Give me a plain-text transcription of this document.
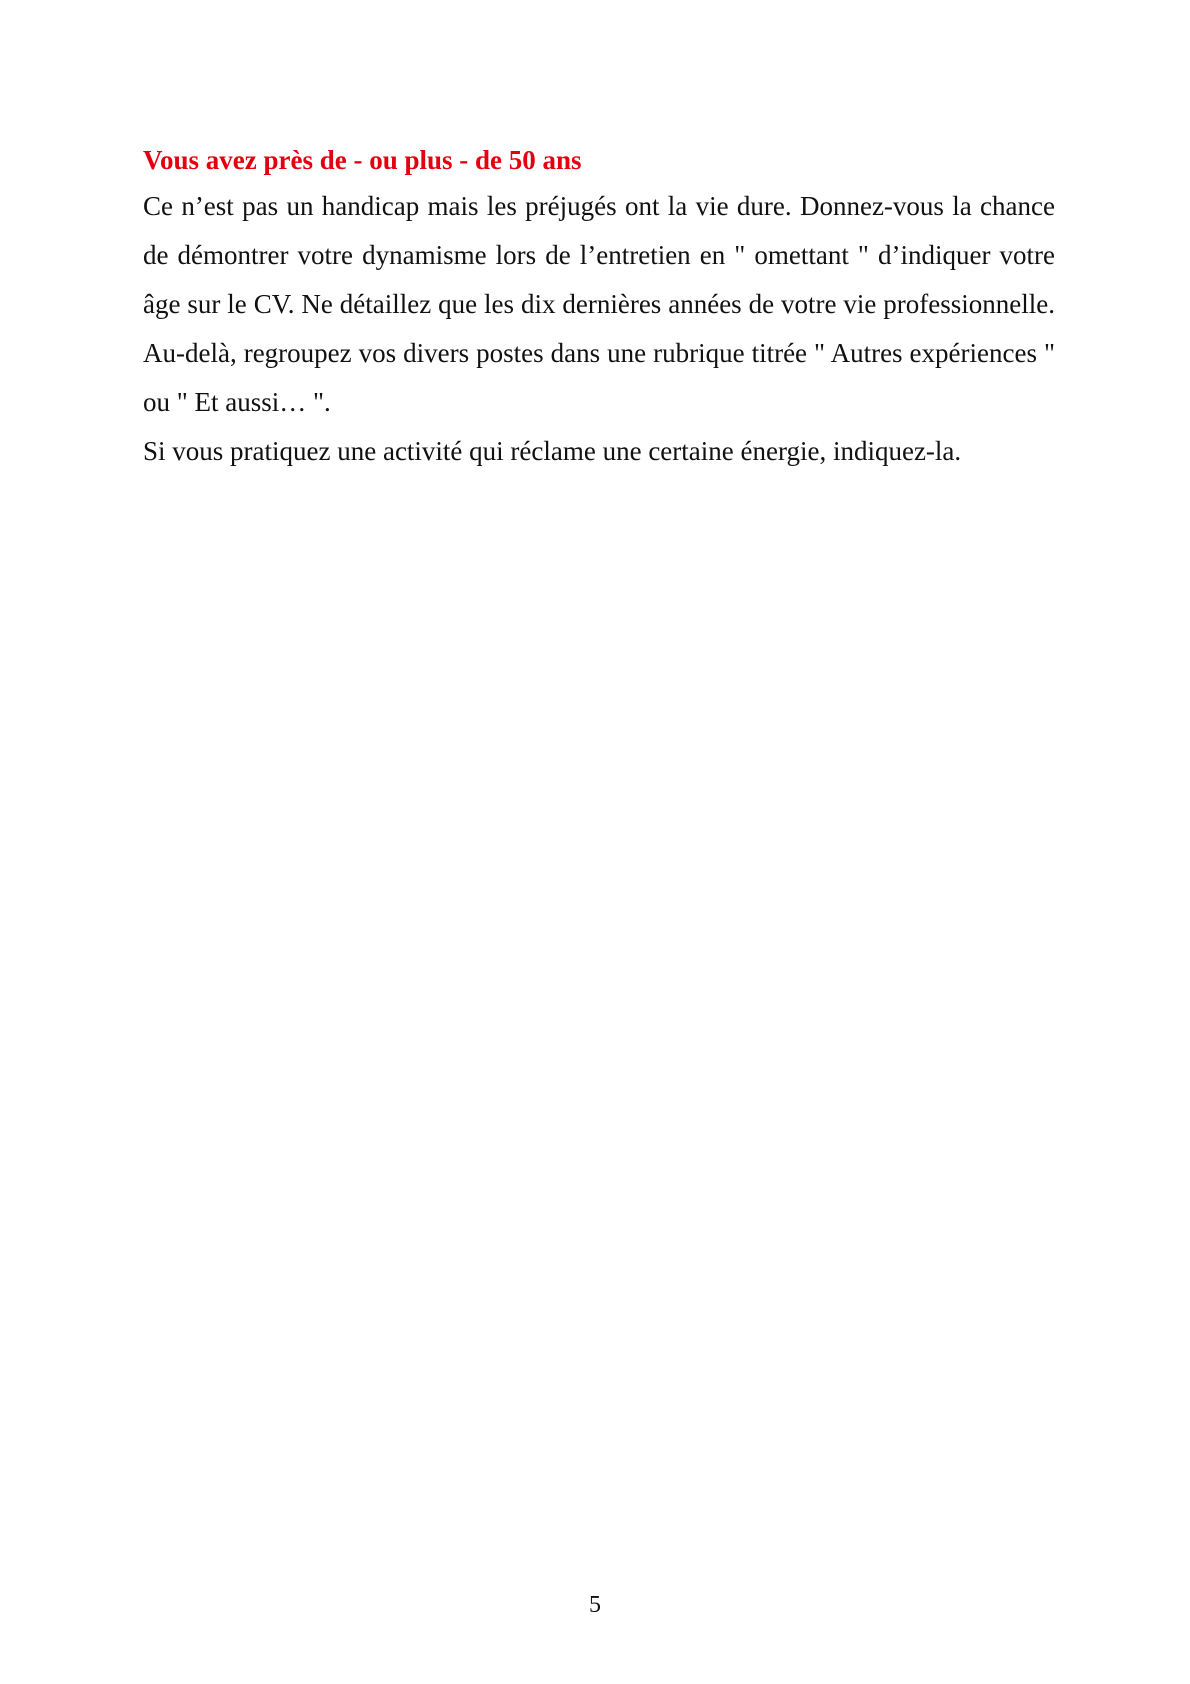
Vous avez près de - ou plus - de 50 ans

Ce n’est pas un handicap mais les préjugés ont la vie dure. Donnez-vous la chance de démontrer votre dynamisme lors de l’entretien en " omettant " d’indiquer votre âge sur le CV. Ne détaillez que les dix dernières années de votre vie professionnelle. Au-delà, regroupez vos divers postes dans une rubrique titrée " Autres expériences " ou " Et aussi… ".

Si vous pratiquez une activité qui réclame une certaine énergie, indiquez-la.

5
